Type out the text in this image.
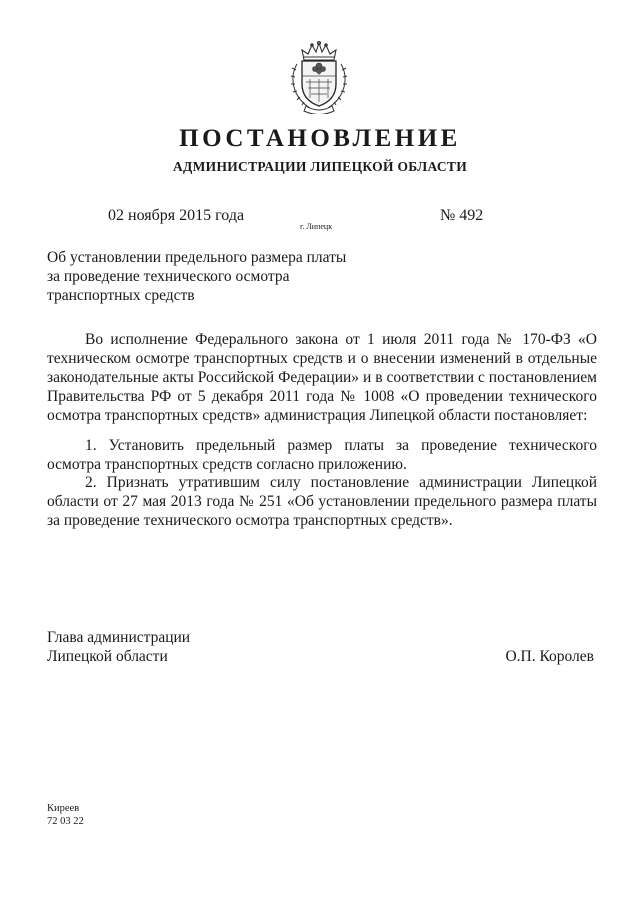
ПОСТАНОВЛЕНИЕ
АДМИНИСТРАЦИИ ЛИПЕЦКОЙ ОБЛАСТИ
02 ноября 2015 года
г. Липецк
№ 492
Об установлении предельного размера платы
за проведение технического осмотра
транспортных средств
Во исполнение Федерального закона от 1 июля 2011 года № 170-ФЗ «О техническом осмотре транспортных средств и о внесении изменений в отдельные законодательные акты Российской Федерации» и в соответствии с постановлением Правительства РФ от 5 декабря 2011 года № 1008 «О проведении технического осмотра транспортных средств» администрация Липецкой области постановляет:
1. Установить предельный размер платы за проведение технического осмотра транспортных средств согласно приложению.
2. Признать утратившим силу постановление администрации Липецкой области от 27 мая 2013 года № 251 «Об установлении предельного размера платы за проведение технического осмотра транспортных средств».
Глава администрации
Липецкой области	О.П. Королев
Киреев
72 03 22
